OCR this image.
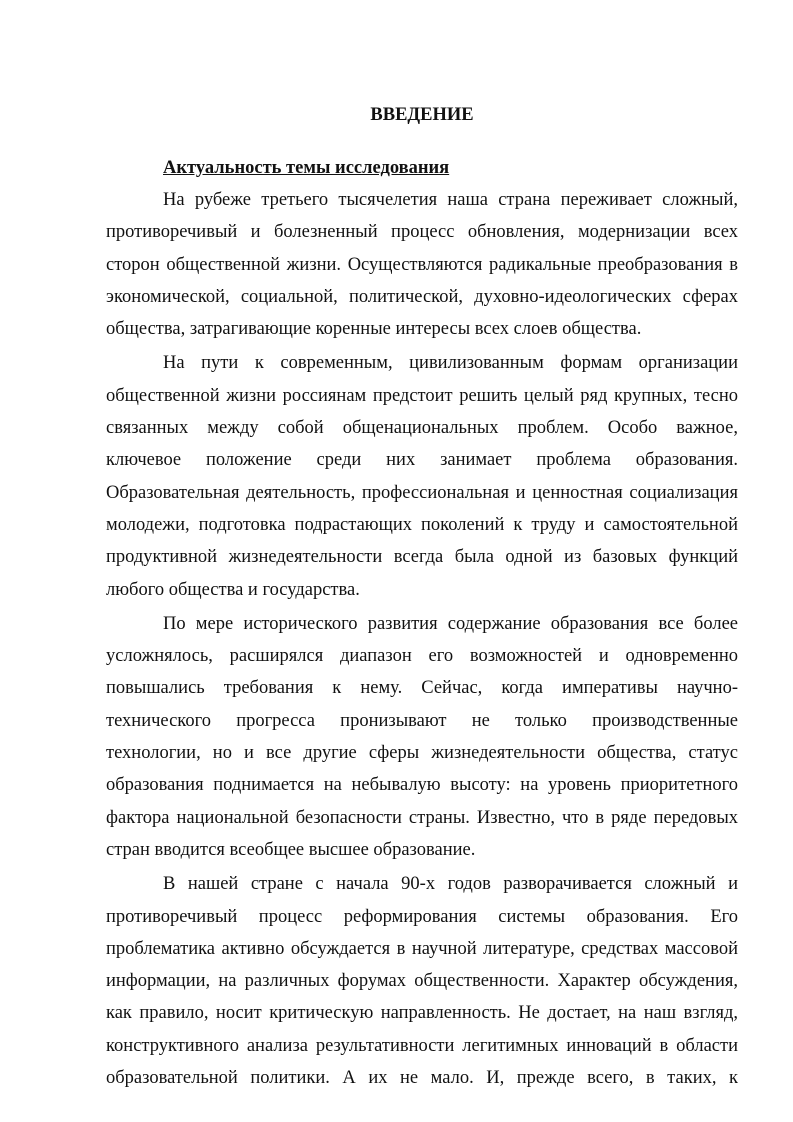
ВВЕДЕНИЕ
Актуальность темы исследования
На рубеже третьего тысячелетия наша страна переживает сложный,
противоречивый и болезненный процесс обновления, модернизации всех
сторон общественной жизни. Осуществляются радикальные преобразования в
экономической, социальной, политической, духовно-идеологических сферах
общества, затрагивающие коренные интересы всех слоев общества.
На пути к современным, цивилизованным формам организации
общественной жизни россиянам предстоит решить целый ряд крупных, тесно
связанных между собой общенациональных проблем. Особо важное,
ключевое положение среди них занимает проблема образования.
Образовательная деятельность, профессиональная и ценностная социализация
молодежи, подготовка подрастающих поколений к труду и самостоятельной
продуктивной жизнедеятельности всегда была одной из базовых функций
любого общества и государства.
По мере исторического развития содержание образования все более
усложнялось, расширялся диапазон его возможностей и одновременно
повышались требования к нему. Сейчас, когда императивы научно-
технического прогресса пронизывают не только производственные
технологии, но и все другие сферы жизнедеятельности общества, статус
образования поднимается на небывалую высоту: на уровень приоритетного
фактора национальной безопасности страны. Известно, что в ряде передовых
стран вводится всеобщее высшее образование.
В нашей стране с начала 90-х годов разворачивается сложный и
противоречивый процесс реформирования системы образования. Его
проблематика активно обсуждается в научной литературе, средствах массовой
информации, на различных форумах общественности. Характер обсуждения,
как правило, носит критическую направленность. Не достает, на наш взгляд,
конструктивного анализа результативности легитимных инноваций в области
образовательной политики. А их не мало. И, прежде всего, в таких, к
